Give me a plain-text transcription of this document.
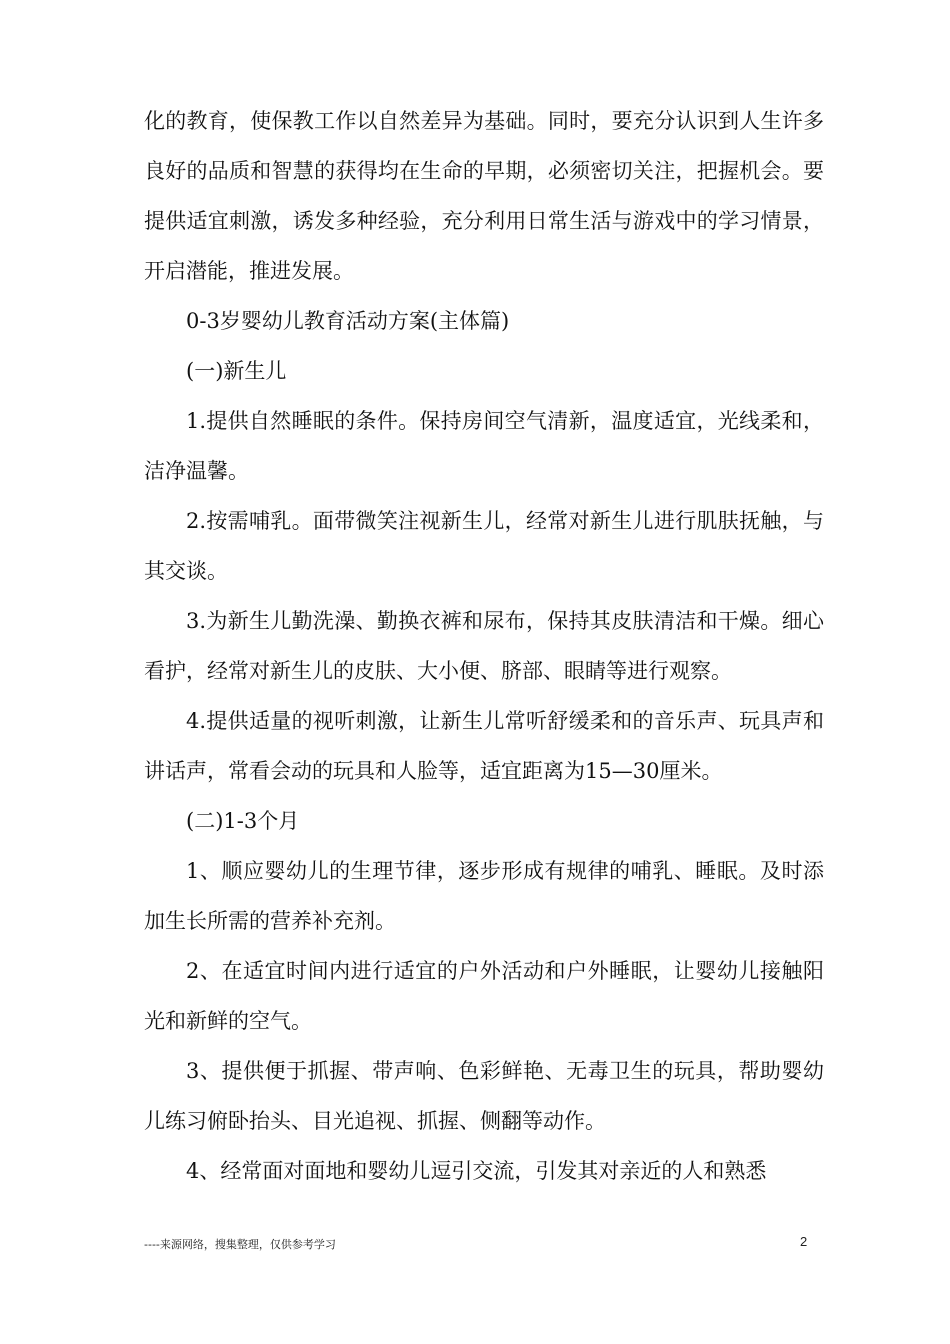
化的教育，使保教工作以自然差异为基础。同时，要充分认识到人生许多良好的品质和智慧的获得均在生命的早期，必须密切关注，把握机会。要提供适宜刺激，诱发多种经验，充分利用日常生活与游戏中的学习情景，开启潜能，推进发展。

0-3岁婴幼儿教育活动方案(主体篇)

(一)新生儿

1.提供自然睡眠的条件。保持房间空气清新，温度适宜，光线柔和，洁净温馨。

2.按需哺乳。面带微笑注视新生儿，经常对新生儿进行肌肤抚触，与其交谈。

3.为新生儿勤洗澡、勤换衣裤和尿布，保持其皮肤清洁和干燥。细心看护，经常对新生儿的皮肤、大小便、脐部、眼睛等进行观察。

4.提供适量的视听刺激，让新生儿常听舒缓柔和的音乐声、玩具声和讲话声，常看会动的玩具和人脸等，适宜距离为15—30厘米。

(二)1-3个月

1、顺应婴幼儿的生理节律，逐步形成有规律的哺乳、睡眠。及时添加生长所需的营养补充剂。

2、在适宜时间内进行适宜的户外活动和户外睡眠，让婴幼儿接触阳光和新鲜的空气。

3、提供便于抓握、带声响、色彩鲜艳、无毒卫生的玩具，帮助婴幼儿练习俯卧抬头、目光追视、抓握、侧翻等动作。

4、经常面对面地和婴幼儿逗引交流，引发其对亲近的人和熟悉

----来源网络，搜集整理，仅供参考学习	2
